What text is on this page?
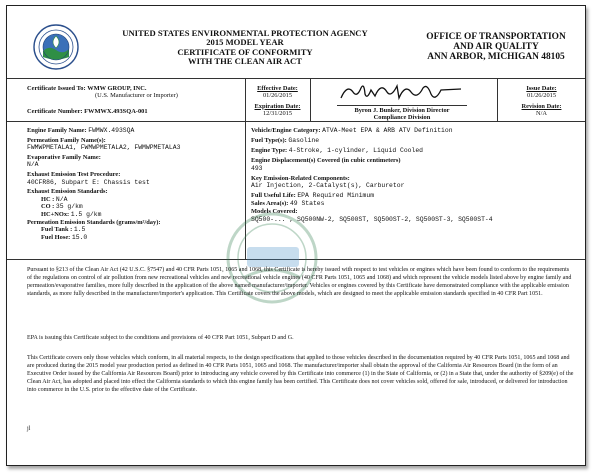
UNITED STATES ENVIRONMENTAL PROTECTION AGENCY
2015 MODEL YEAR
CERTIFICATE OF CONFORMITY
WITH THE CLEAN AIR ACT
OFFICE OF TRANSPORTATION
AND AIR QUALITY
ANN ARBOR, MICHIGAN 48105
Certificate Issued To: WMW GROUP, INC.
(U.S. Manufacturer or Importer)
Certificate Number: FWMWX.493SQA-001
Effective Date:
01/26/2015
Expiration Date:
12/31/2015	Byron J. Bunker, Division Director
Compliance Division
Issue Date:
01/26/2015
Revision Date:
N/A
Engine Family Name: FWMWX.493SQA
Permeation Family Name(s):
FWMWPMETALA1, FWMWPMETALA2, FWMWPMETALA3
Evaporative Family Name:
N/A
Exhaust Emission Test Procedure:
40CFR86, Subpart E: Chassis test
Exhaust Emission Standards:
HC : N/A
CO : 35 g/km
HC+NOx: 1.5 g/km
Permeation Emission Standards (grams/m²/day):
Fuel Tank : 1.5
Fuel Hose: 15.0
Vehicle/Engine Category: ATVA-Meet EPA & ARB ATV Definition
Fuel Type(s): Gasoline
Engine Type: 4-Stroke, 1-cylinder, Liquid Cooled
Engine Displacement(s) Covered (in cubic centimeters)
493
Key Emission-Related Components:
Air Injection, 2-Catalyst(s), Carburetor
Full Useful Life: EPA Required Minimum
Sales Area(s): 49 States
Models Covered:
SQ500-... , SQ500NW-2, SQ500ST, SQ500ST-2, SQ500ST-3, SQ500ST-4
Pursuant to §213 of the Clean Air Act (42 U.S.C. §7547) and 40 CFR Parts 1051, 1065 and 1068, this Certificate is hereby issued with respect to test vehicles or engines which have been found to conform to the requirements of the regulations on control of air pollution from new recreational vehicles and new recreational vehicle engines (40 CFR Parts 1051, 1065 and 1068) and which represent the vehicle models listed above by engine family and permeation/evaporative families, more fully described in the application of the above named manufacturer/importer. Vehicles or engines covered by this Certificate have demonstrated compliance with the applicable emission standards, as more fully described in the manufacturer/importer's application. This Certificate covers the above models, which are designed to meet the applicable emission standards specified in 40 CFR Part 1051.
EPA is issuing this Certificate subject to the conditions and provisions of 40 CFR Part 1051, Subpart D and G.
This Certificate covers only those vehicles which conform, in all material respects, to the design specifications that applied to those vehicles described in the documentation required by 40 CFR Parts 1051, 1065 and 1068 and are produced during the 2015 model year production period as defined in 40 CFR Parts 1051, 1065 and 1068. The manufacturer/importer shall obtain the approval of the California Air Resources Board (in the form of an Executive Order issued by the California Air Resources Board) prior to introducing any vehicle covered by this Certificate into commerce (1) in the State of California, or (2) in a State that, under the authority of §209(e) of the Clean Air Act, has adopted and placed into effect the California standards to which this engine family has been certified. This Certificate does not cover vehicles sold, offered for sale, introduced, or delivered for introduction into commerce in the U.S. prior to the effective date of the Certificate.
jl
